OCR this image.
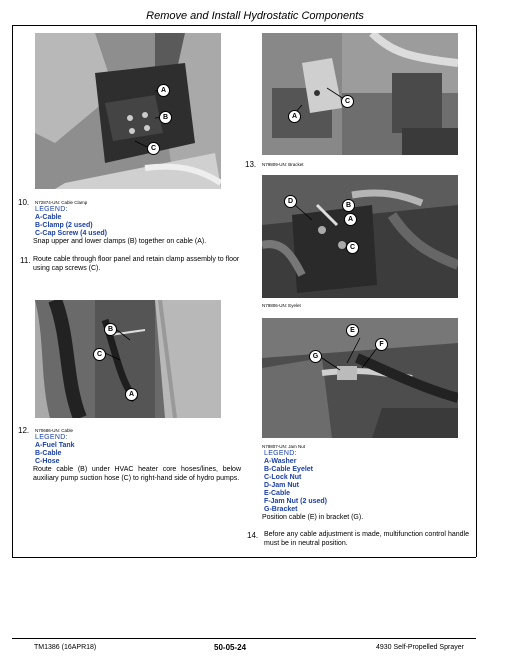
Remove and Install Hydrostatic Components
A
B
C
C
A
13. N79809-UN: Bracket
D
B
A
C
N79806-UN: Eyelet
10. N72874-UN: Cable Clamp
LEGEND:
A-Cable
B-Clamp (2 used)
C-Cap Screw (4 used)
Snap upper and lower clamps (B) together on cable (A).
11. Route cable through floor panel and retain clamp assembly to floor using cap screws (C).
B
C
A
12. N70686-UN: Cable
LEGEND:
A-Fuel Tank
B-Cable
C-Hose
Route cable (B) under HVAC heater core hoses/lines, below auxiliary pump suction hose (C) to right-hand side of hydro pumps.
E
F
G
N79807-UN: Jam Nut
LEGEND:
A-Washer
B-Cable Eyelet
C-Lock Nut
D-Jam Nut
E-Cable
F-Jam Nut (2 used)
G-Bracket
Position cable (E) in bracket (G).
14. Before any cable adjustment is made, multifunction control handle must be in neutral position.
TM1386 (16APR18)	50-05-24	4930 Self-Propelled Sprayer
